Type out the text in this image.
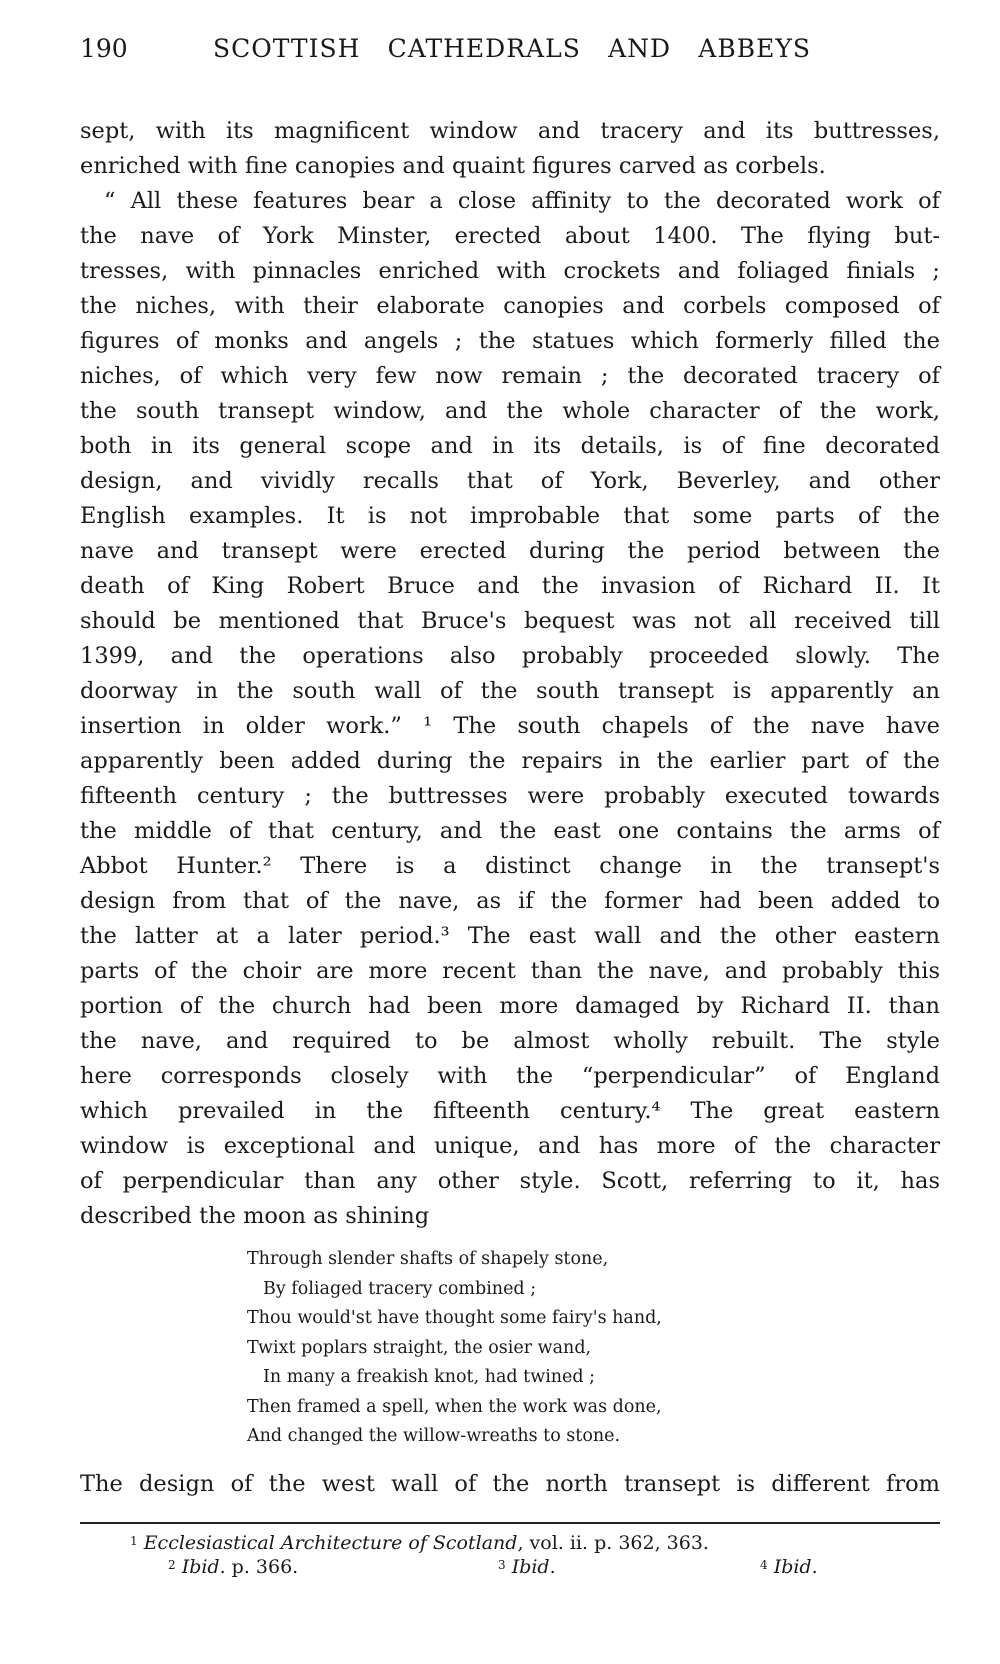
190	SCOTTISH CATHEDRALS AND ABBEYS
sept, with its magnificent window and tracery and its buttresses,
enriched with fine canopies and quaint figures carved as corbels.
“ All these features bear a close affinity to the decorated work of
the nave of York Minster, erected about 1400. The flying but-
tresses, with pinnacles enriched with crockets and foliaged finials ;
the niches, with their elaborate canopies and corbels composed of
figures of monks and angels ; the statues which formerly filled the
niches, of which very few now remain ; the decorated tracery of
the south transept window, and the whole character of the work,
both in its general scope and in its details, is of fine decorated
design, and vividly recalls that of York, Beverley, and other
English examples. It is not improbable that some parts of the
nave and transept were erected during the period between the
death of King Robert Bruce and the invasion of Richard II. It
should be mentioned that Bruce's bequest was not all received till
1399, and the operations also probably proceeded slowly. The
doorway in the south wall of the south transept is apparently an
insertion in older work.” ¹ The south chapels of the nave have
apparently been added during the repairs in the earlier part of the
fifteenth century ; the buttresses were probably executed towards
the middle of that century, and the east one contains the arms of
Abbot Hunter.² There is a distinct change in the transept's
design from that of the nave, as if the former had been added to
the latter at a later period.³ The east wall and the other eastern
parts of the choir are more recent than the nave, and probably this
portion of the church had been more damaged by Richard II. than
the nave, and required to be almost wholly rebuilt. The style
here corresponds closely with the “perpendicular” of England
which prevailed in the fifteenth century.⁴ The great eastern
window is exceptional and unique, and has more of the character
of perpendicular than any other style. Scott, referring to it, has
described the moon as shining
Through slender shafts of shapely stone,
By foliaged tracery combined ;
Thou would'st have thought some fairy's hand,
Twixt poplars straight, the osier wand,
In many a freakish knot, had twined ;
Then framed a spell, when the work was done,
And changed the willow-wreaths to stone.
The design of the west wall of the north transept is different from
$^1$ Ecclesiastical Architecture of Scotland, vol. ii. p. 362, 363.
$^2$ Ibid. p. 366.	$^3$ Ibid.	$^4$ Ibid.
